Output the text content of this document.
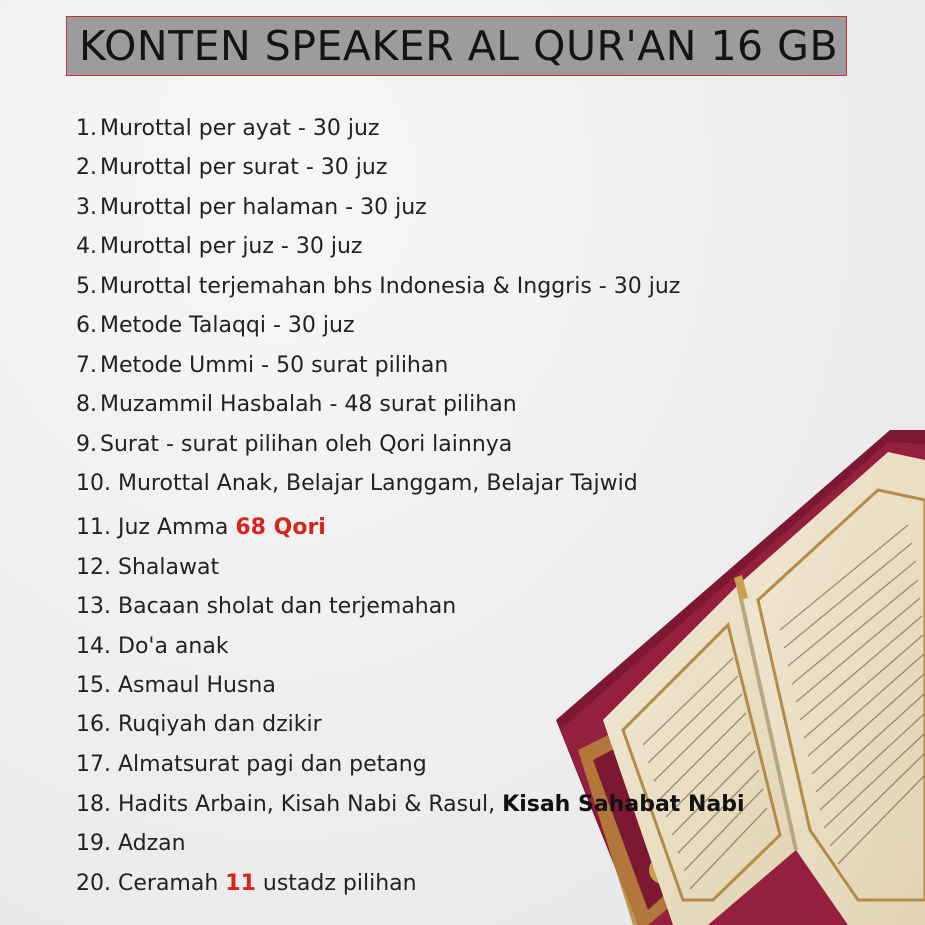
KONTEN SPEAKER AL QUR'AN 16 GB
1. Murottal per ayat - 30 juz
2. Murottal per surat - 30 juz
3. Murottal per halaman - 30 juz
4. Murottal per juz - 30 juz
5. Murottal terjemahan bhs Indonesia & Inggris - 30 juz
6. Metode Talaqqi - 30 juz
7. Metode Ummi - 50 surat pilihan
8. Muzammil Hasbalah - 48 surat pilihan
9. Surat - surat pilihan oleh Qori lainnya
10. Murottal Anak, Belajar Langgam, Belajar Tajwid
11. Juz Amma 68 Qori
12. Shalawat
13. Bacaan sholat dan terjemahan
14. Do'a anak
15. Asmaul Husna
16. Ruqiyah dan dzikir
17. Almatsurat pagi dan petang
18. Hadits Arbain, Kisah Nabi & Rasul, Kisah Sahabat Nabi
19. Adzan
20. Ceramah 11 ustadz pilihan
